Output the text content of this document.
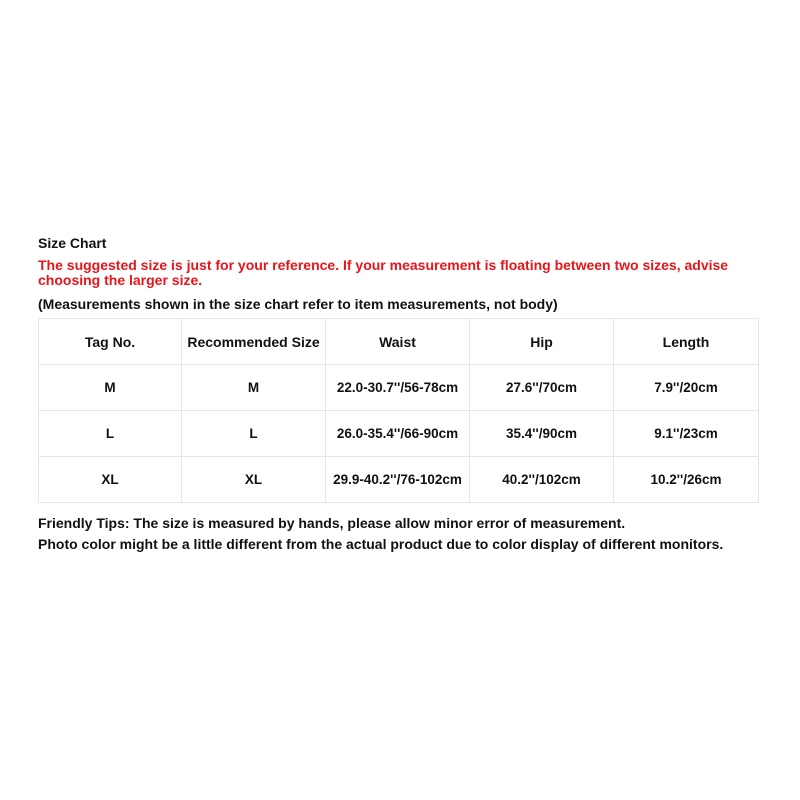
Size Chart
The suggested size is just for your reference. If your measurement is floating between two sizes, advise choosing the larger size.
(Measurements shown in the size chart refer to item measurements, not body)
Tag No.	Recommended Size	Waist	Hip	Length
M	M	22.0-30.7''/56-78cm	27.6''/70cm	7.9''/20cm
L	L	26.0-35.4''/66-90cm	35.4''/90cm	9.1''/23cm
XL	XL	29.9-40.2''/76-102cm	40.2''/102cm	10.2''/26cm
Friendly Tips: The size is measured by hands, please allow minor error of measurement.
Photo color might be a little different from the actual product due to color display of different monitors.
